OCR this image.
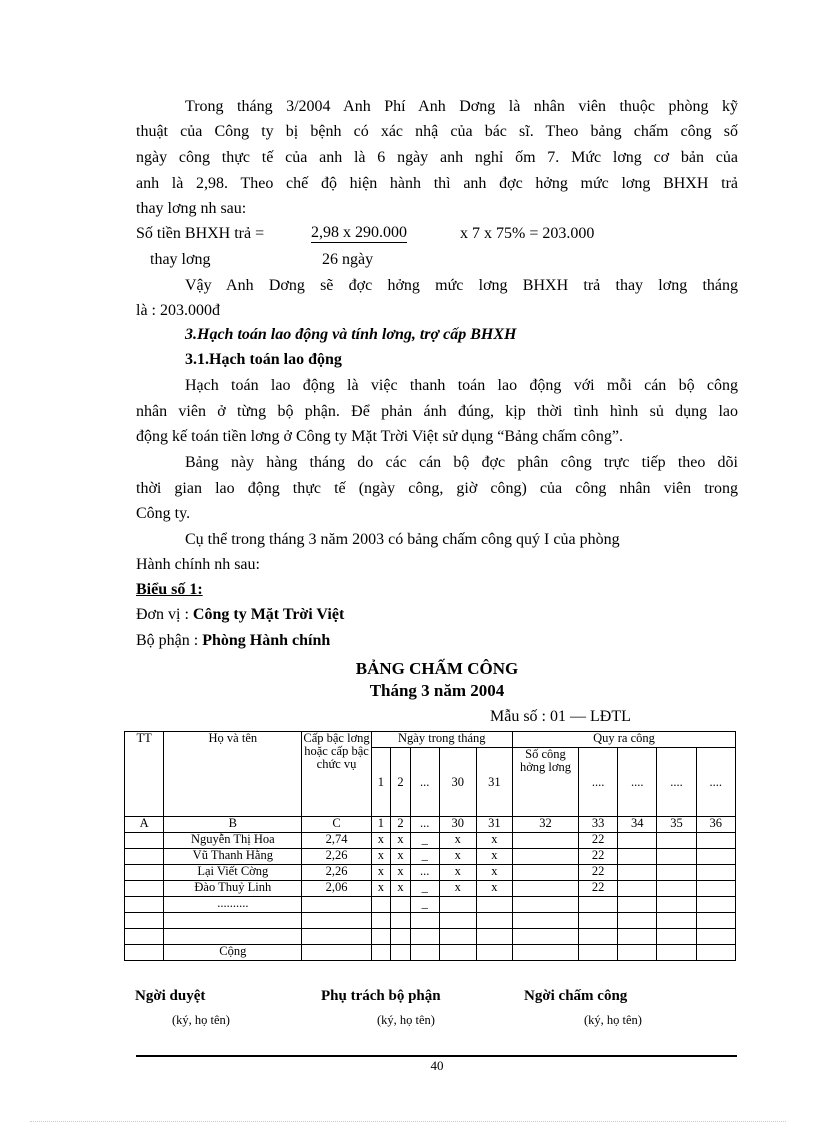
Trong tháng 3/2004 Anh Phí Anh Dơng là nhân viên thuộc phòng kỹ
thuật của Công ty bị bệnh có xác nhậ của bác sĩ. Theo bảng chấm công số
ngày công thực tế của anh là 6 ngày anh nghỉ ốm 7. Mức lơng cơ bản của
anh là 2,98. Theo chế độ hiện hành thì anh đợc hởng mức lơng BHXH trả
thay lơng nh sau:
Số tiền BHXH trả =	2,98 x 290.000	x 7 x 75% = 203.000
thay lơng	26 ngày
Vậy Anh Dơng sẽ đợc hởng mức lơng BHXH trả thay lơng tháng
là : 203.000đ
3.Hạch toán lao động và tính lơng, trợ cấp BHXH
3.1.Hạch toán lao động
Hạch toán lao động là việc thanh toán lao động với mỗi cán bộ công
nhân viên ở từng bộ phận. Để phản ánh đúng, kịp thời tình hình sủ dụng lao
động kế toán tiền lơng ở Công ty Mặt Trời Việt sử dụng “Bảng chấm công”.
Bảng này hàng tháng do các cán bộ đợc phân công trực tiếp theo dõi
thời gian lao động thực tế (ngày công, giờ công) của công nhân viên trong
Công ty.
Cụ thể trong tháng 3 năm 2003 có bảng chấm công quý I của phòng
Hành chính nh sau:
Biểu số 1:
Đơn vị : Công ty Mặt Trời Việt
Bộ phận : Phòng Hành chính
BẢNG CHẤM CÔNG
Tháng 3 năm 2004
Mẫu số : 01 — LĐTL
TT	Họ và tên	Cấp bậc lơng hoặc cấp bậc chức vụ	Ngày trong tháng					Quy ra công				
			1	2	...	30	31	Số công hởng lơng	....	....	....	....
A	B	C	1	2	...	30	31	32	33	34	35	36
	Nguyễn Thị Hoa	2,74	x	x	_	x	x		22			
	Vũ Thanh Hằng	2,26	x	x	_	x	x		22			
	Lại Viết Cờng	2,26	x	x	...	x	x		22			
	Đào Thuỷ Linh	2,06	x	x	_	x	x		22			
	..........				_							

	Cộng											
Ngời duyệt
(ký, họ tên)
Phụ trách bộ phận
(ký, họ tên)
Ngời chấm công
(ký, họ tên)
40
